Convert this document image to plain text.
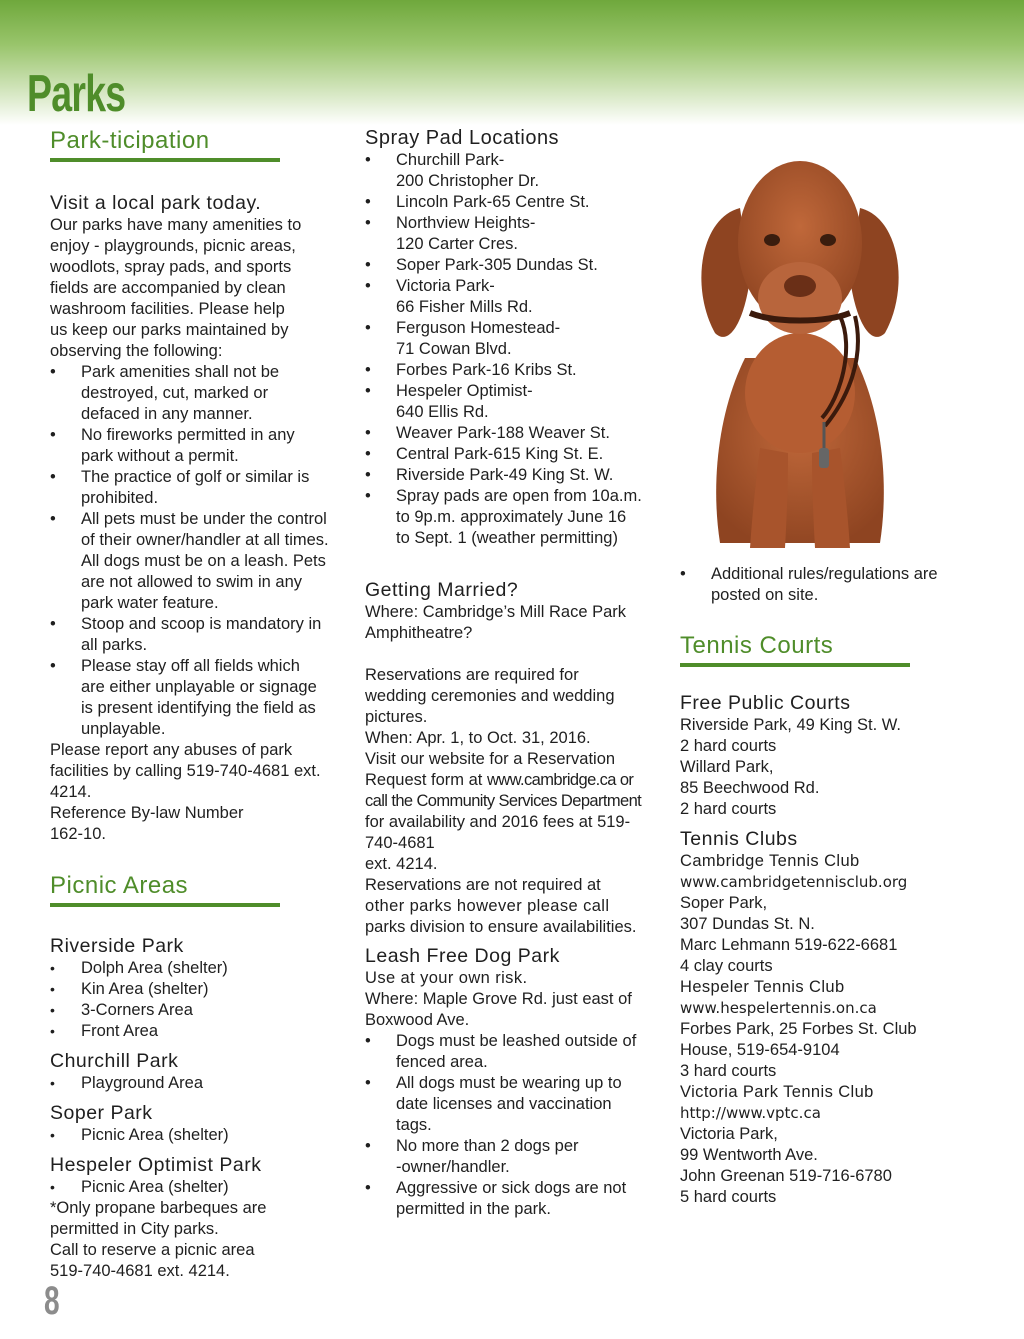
Parks
Park-ticipation
Visit a local park today.
Our parks have many amenities to
enjoy - playgrounds, picnic areas,
woodlots, spray pads, and sports
fields are accompanied by clean
washroom facilities. Please help
us keep our parks maintained by
observing the following:
• Park amenities shall not be
destroyed, cut, marked or
defaced in any manner.
• No fireworks permitted in any
park without a permit.
• The practice of golf or similar is
prohibited.
• All pets must be under the control
of their owner/handler at all times.
All dogs must be on a leash. Pets
are not allowed to swim in any
park water feature.
• Stoop and scoop is mandatory in
all parks.
• Please stay off all fields which
are either unplayable or signage
is present identifying the field as
unplayable.
Please report any abuses of park
facilities by calling 519-740-4681 ext.
4214.
Reference By-law Number
162-10.
Picnic Areas
Riverside Park
• Dolph Area (shelter)
• Kin Area (shelter)
• 3-Corners Area
• Front Area
Churchill Park
• Playground Area
Soper Park
• Picnic Area (shelter)
Hespeler Optimist Park
• Picnic Area (shelter)
*Only propane barbeques are
permitted in City parks.
Call to reserve a picnic area
519-740-4681 ext. 4214.
Spray Pad Locations
• Churchill Park-
200 Christopher Dr.
• Lincoln Park-65 Centre St.
• Northview Heights-
120 Carter Cres.
• Soper Park-305 Dundas St.
• Victoria Park-
66 Fisher Mills Rd.
• Ferguson Homestead-
71 Cowan Blvd.
• Forbes Park-16 Kribs St.
• Hespeler Optimist-
640 Ellis Rd.
• Weaver Park-188 Weaver St.
• Central Park-615 King St. E.
• Riverside Park-49 King St. W.
• Spray pads are open from 10a.m.
to 9p.m. approximately June 16
to Sept. 1 (weather permitting)
Getting Married?
Where: Cambridge’s Mill Race Park
Amphitheatre?
Reservations are required for
wedding ceremonies and wedding
pictures.
When: Apr. 1, to Oct. 31, 2016.
Visit our website for a Reservation
Request form at www.cambridge.ca or
call the Community Services Department
for availability and 2016 fees at 519-
740-4681
ext. 4214.
Reservations are not required at
other parks however please call
parks division to ensure availabilities.
Leash Free Dog Park
Use at your own risk.
Where: Maple Grove Rd. just east of
Boxwood Ave.
• Dogs must be leashed outside of
fenced area.
• All dogs must be wearing up to
date licenses and vaccination
tags.
• No more than 2 dogs per
-owner/handler.
• Aggressive or sick dogs are not
permitted in the park.
• Additional rules/regulations are
posted on site.
Tennis Courts
Free Public Courts
Riverside Park, 49 King St. W.
2 hard courts
Willard Park,
85 Beechwood Rd.
2 hard courts
Tennis Clubs
Cambridge Tennis Club
www.cambridgetennisclub.org
Soper Park,
307 Dundas St. N.
Marc Lehmann 519-622-6681
4 clay courts
Hespeler Tennis Club
www.hespelertennis.on.ca
Forbes Park, 25 Forbes St. Club
House, 519-654-9104
3 hard courts
Victoria Park Tennis Club
http://www.vptc.ca
Victoria Park,
99 Wentworth Ave.
John Greenan 519-716-6780
5 hard courts
8
